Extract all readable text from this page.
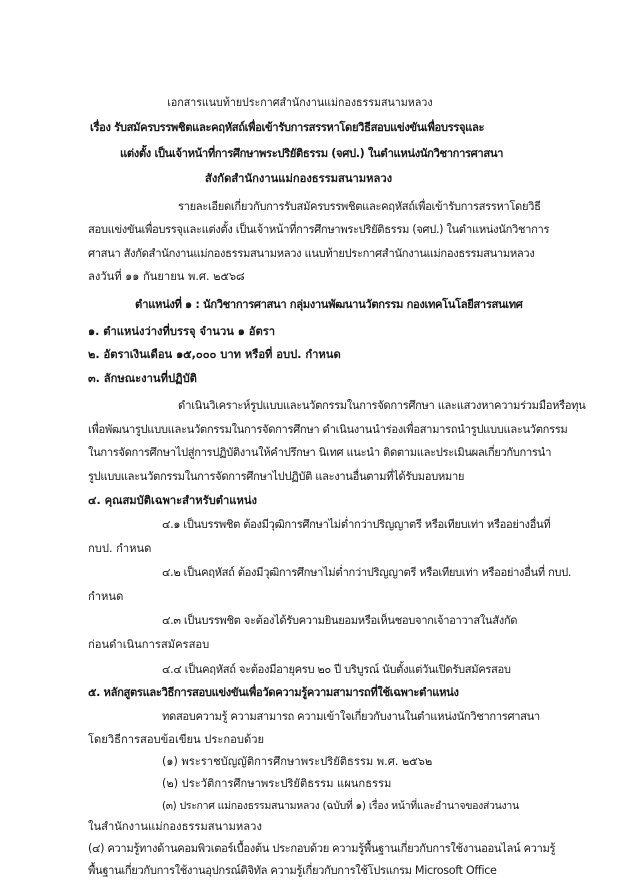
เอกสารแนบท้ายประกาศสำนักงานแม่กองธรรมสนามหลวง
เรื่อง รับสมัครบรรพชิตและคฤหัสถ์เพื่อเข้ารับการสรรหาโดยวิธีสอบแข่งขันเพื่อบรรจุและ
แต่งตั้ง เป็นเจ้าหน้าที่การศึกษาพระปริยัติธรรม (จศป.) ในตำแหน่งนักวิชาการศาสนา
สังกัดสำนักงานแม่กองธรรมสนามหลวง
รายละเอียดเกี่ยวกับการรับสมัครบรรพชิตและคฤหัสถ์เพื่อเข้ารับการสรรหาโดยวิธี
สอบแข่งขันเพื่อบรรจุและแต่งตั้ง เป็นเจ้าหน้าที่การศึกษาพระปริยัติธรรม (จศป.) ในตำแหน่งนักวิชาการ
ศาสนา สังกัดสำนักงานแม่กองธรรมสนามหลวง แนบท้ายประกาศสำนักงานแม่กองธรรมสนามหลวง
ลงวันที่ ๑๑ กันยายน พ.ศ. ๒๕๖๘
ตำแหน่งที่ ๑ : นักวิชาการศาสนา กลุ่มงานพัฒนานวัตกรรม กองเทคโนโลยีสารสนเทศ
๑. ตำแหน่งว่างที่บรรจุ จำนวน ๑ อัตรา
๒. อัตราเงินเดือน ๑๕,๐๐๐ บาท หรือที่ อบป. กำหนด
๓. ลักษณะงานที่ปฏิบัติ
ดำเนินวิเคราะห์รูปแบบและนวัตกรรมในการจัดการศึกษา และแสวงหาความร่วมมือหรือทุน
เพื่อพัฒนารูปแบบและนวัตกรรมในการจัดการศึกษา ดำเนินงานนำร่องเพื่อสามารถนำรูปแบบและนวัตกรรม
ในการจัดการศึกษาไปสู่การปฏิบัติงานให้คำปรึกษา นิเทศ แนะนำ ติดตามและประเมินผลเกี่ยวกับการนำ
รูปแบบและนวัตกรรมในการจัดการศึกษาไปปฏิบัติ และงานอื่นตามที่ได้รับมอบหมาย
๔. คุณสมบัติเฉพาะสำหรับตำแหน่ง
๔.๑ เป็นบรรพชิต ต้องมีวุฒิการศึกษาไม่ต่ำกว่าปริญญาตรี หรือเทียบเท่า หรืออย่างอื่นที่
กบป. กำหนด
๔.๒ เป็นคฤหัสถ์ ต้องมีวุฒิการศึกษาไม่ต่ำกว่าปริญญาตรี หรือเทียบเท่า หรืออย่างอื่นที่ กบป.
กำหนด
๔.๓ เป็นบรรพชิต จะต้องได้รับความยินยอมหรือเห็นชอบจากเจ้าอาวาสในสังกัด
ก่อนดำเนินการสมัครสอบ
๔.๔ เป็นคฤหัสถ์ จะต้องมีอายุครบ ๒๐ ปี บริบูรณ์ นับตั้งแต่วันเปิดรับสมัครสอบ
๕. หลักสูตรและวิธีการสอบแข่งขันเพื่อวัดความรู้ความสามารถที่ใช้เฉพาะตำแหน่ง
ทดสอบความรู้ ความสามารถ ความเข้าใจเกี่ยวกับงานในตำแหน่งนักวิชาการศาสนา
โดยวิธีการสอบข้อเขียน ประกอบด้วย
(๑) พระราชบัญญัติการศึกษาพระปริยัติธรรม พ.ศ. ๒๕๖๒
(๒) ประวัติการศึกษาพระปริยัติธรรม แผนกธรรม
(๓) ประกาศ แม่กองธรรมสนามหลวง (ฉบับที่ ๑) เรื่อง หน้าที่และอำนาจของส่วนงาน
ในสำนักงานแม่กองธรรมสนามหลวง
(๔) ความรู้ทางด้านคอมพิวเตอร์เบื้องต้น ประกอบด้วย ความรู้พื้นฐานเกี่ยวกับการใช้งานออนไลน์ ความรู้
พื้นฐานเกี่ยวกับการใช้งานอุปกรณ์ดิจิทัล ความรู้เกี่ยวกับการใช้โปรแกรม Microsoft Office
